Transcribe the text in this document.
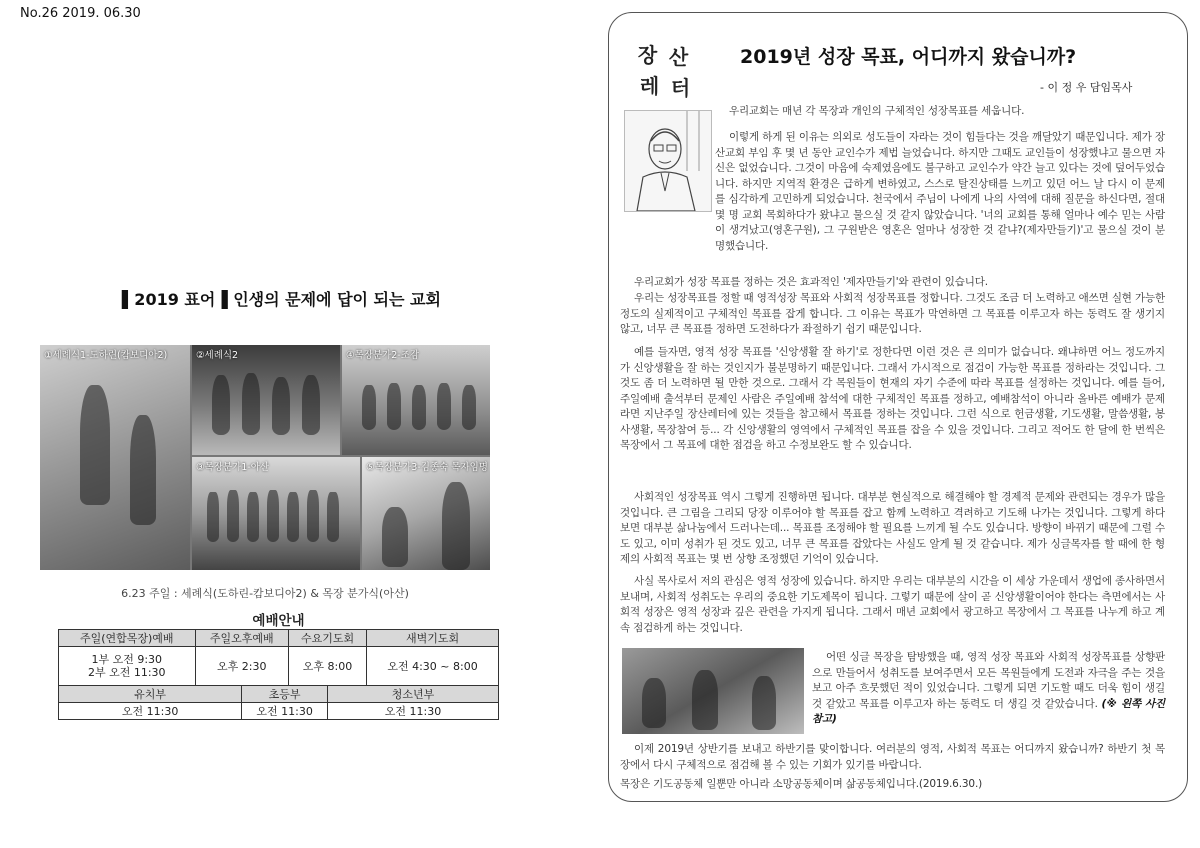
No.26 2019. 06.30
▌2019 표어▐ 인생의 문제에 답이 되는 교회
①세례식1-도하린(캄보디아2)	②세례식2	④목장분가2-조감
③목장분가1-아산	⑤목장분가3-김종숙 목자임명
6.23 주일 : 세례식(도하린-캄보디아2) & 목장 분가식(아산)
예배안내					
주일(연합목장)예배	주일오후예배		수요기도회		새벽기도회
1부 오전 9:30
2부 오전 11:30	오후 2:30		오후 8:00		오전 4:30 ~ 8:00
유치부		초등부		청소년부	
오전 11:30		오전 11:30		오전 11:30	
장 산
레 터
2019년 성장 목표, 어디까지 왔습니까?
- 이 정 우 담임목사

우리교회는 매년 각 목장과 개인의 구체적인 성장목표를 세웁니다.

이렇게 하게 된 이유는 의외로 성도들이 자라는 것이 힘들다는 것을 깨달았기 때문입니다. 제가 장산교회 부임 후 몇 년 동안 교인수가 제법 늘었습니다. 하지만 그때도 교인들이 성장했냐고 물으면 자신은 없었습니다. 그것이 마음에 숙제였음에도 불구하고 교인수가 약간 늘고 있다는 것에 덮어두었습니다. 하지만 지역적 환경은 급하게 변하였고, 스스로 탈진상태를 느끼고 있던 어느 날 다시 이 문제를 심각하게 고민하게 되었습니다. 천국에서 주님이 나에게 나의 사역에 대해 질문을 하신다면, 절대 몇 명 교회 목회하다가 왔냐고 물으실 것 같지 않았습니다. '너의 교회를 통해 얼마나 예수 믿는 사람이 생겨났고(영혼구원), 그 구원받은 영혼은 얼마나 성장한 것 같냐?(제자만들기)'고 물으실 것이 분명했습니다.

우리교회가 성장 목표를 정하는 것은 효과적인 '제자만들기'와 관련이 있습니다.

우리는 성장목표를 정할 때 영적성장 목표와 사회적 성장목표를 정합니다. 그것도 조금 더 노력하고 애쓰면 실현 가능한 정도의 실제적이고 구체적인 목표를 잡게 합니다. 그 이유는 목표가 막연하면 그 목표를 이루고자 하는 동력도 잘 생기지 않고, 너무 큰 목표를 정하면 도전하다가 좌절하기 쉽기 때문입니다.

예를 들자면, 영적 성장 목표를 '신앙생활 잘 하기'로 정한다면 이런 것은 큰 의미가 없습니다. 왜냐하면 어느 정도까지가 신앙생활을 잘 하는 것인지가 불분명하기 때문입니다. 그래서 가시적으로 점검이 가능한 목표를 정하라는 것입니다. 그것도 좀 더 노력하면 될 만한 것으로. 그래서 각 목원들이 현재의 자기 수준에 따라 목표를 설정하는 것입니다. 예를 들어, 주일예배 출석부터 문제인 사람은 주일예배 참석에 대한 구체적인 목표를 정하고, 예배참석이 아니라 올바른 예배가 문제라면 지난주일 장산레터에 있는 것들을 참고해서 목표를 정하는 것입니다. 그런 식으로 헌금생활, 기도생활, 말씀생활, 봉사생활, 목장참여 등... 각 신앙생활의 영역에서 구체적인 목표를 잡을 수 있을 것입니다. 그리고 적어도 한 달에 한 번씩은 목장에서 그 목표에 대한 점검을 하고 수정보완도 할 수 있습니다.

사회적인 성장목표 역시 그렇게 진행하면 됩니다. 대부분 현실적으로 해결해야 할 경제적 문제와 관련되는 경우가 많을 것입니다. 큰 그림을 그리되 당장 이루어야 할 목표를 잡고 함께 노력하고 격려하고 기도해 나가는 것입니다. 그렇게 하다보면 대부분 삶나눔에서 드러나는데... 목표를 조정해야 할 필요를 느끼게 될 수도 있습니다. 방향이 바뀌기 때문에 그럴 수도 있고, 이미 성취가 된 것도 있고, 너무 큰 목표를 잡았다는 사실도 알게 될 것 같습니다. 제가 싱글목자를 할 때에 한 형제의 사회적 목표는 몇 번 상향 조정했던 기억이 있습니다.

사실 목사로서 저의 관심은 영적 성장에 있습니다. 하지만 우리는 대부분의 시간을 이 세상 가운데서 생업에 종사하면서 보내며, 사회적 성취도는 우리의 중요한 기도제목이 됩니다. 그렇기 때문에 살이 곧 신앙생활이어야 한다는 측면에서는 사회적 성장은 영적 성장과 깊은 관련을 가지게 됩니다. 그래서 매년 교회에서 광고하고 목장에서 그 목표를 나누게 하고 계속 점검하게 하는 것입니다.

어떤 싱글 목장을 탐방했을 때, 영적 성장 목표와 사회적 성장목표를 상향판으로 만들어서 성취도를 보여주면서 모든 목원들에게 도전과 자극을 주는 것을 보고 아주 흐뭇했던 적이 있었습니다. 그렇게 되면 기도할 때도 더욱 힘이 생길 것 같았고 목표를 이루고자 하는 동력도 더 생길 것 같았습니다. (※ 왼쪽 사진참고)

이제 2019년 상반기를 보내고 하반기를 맞이합니다. 여러분의 영적, 사회적 목표는 어디까지 왔습니까? 하반기 첫 목장에서 다시 구체적으로 점검해 볼 수 있는 기회가 있기를 바랍니다.

목장은 기도공동체 일뿐만 아니라 소망공동체이며 삶공동체입니다.(2019.6.30.)
